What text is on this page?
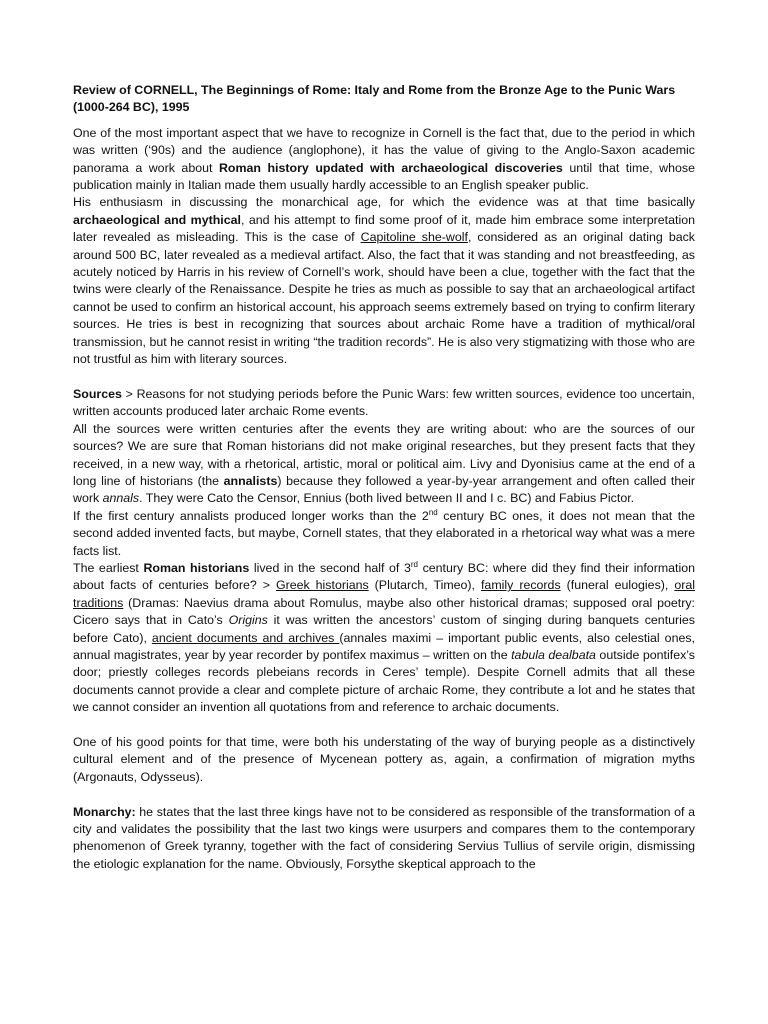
Review of CORNELL, The Beginnings of Rome: Italy and Rome from the Bronze Age to the Punic Wars (1000-264 BC), 1995

One of the most important aspect that we have to recognize in Cornell is the fact that, due to the period in which was written (‘90s) and the audience (anglophone), it has the value of giving to the Anglo-Saxon academic panorama a work about Roman history updated with archaeological discoveries until that time, whose publication mainly in Italian made them usually hardly accessible to an English speaker public.

His enthusiasm in discussing the monarchical age, for which the evidence was at that time basically archaeological and mythical, and his attempt to find some proof of it, made him embrace some interpretation later revealed as misleading. This is the case of Capitoline she-wolf, considered as an original dating back around 500 BC, later revealed as a medieval artifact. Also, the fact that it was standing and not breastfeeding, as acutely noticed by Harris in his review of Cornell’s work, should have been a clue, together with the fact that the twins were clearly of the Renaissance. Despite he tries as much as possible to say that an archaeological artifact cannot be used to confirm an historical account, his approach seems extremely based on trying to confirm literary sources. He tries is best in recognizing that sources about archaic Rome have a tradition of mythical/oral transmission, but he cannot resist in writing “the tradition records”. He is also very stigmatizing with those who are not trustful as him with literary sources.

Sources > Reasons for not studying periods before the Punic Wars: few written sources, evidence too uncertain, written accounts produced later archaic Rome events.

All the sources were written centuries after the events they are writing about: who are the sources of our sources? We are sure that Roman historians did not make original researches, but they present facts that they received, in a new way, with a rhetorical, artistic, moral or political aim. Livy and Dyonisius came at the end of a long line of historians (the annalists) because they followed a year-by-year arrangement and often called their work annals. They were Cato the Censor, Ennius (both lived between II and I c. BC) and Fabius Pictor.

If the first century annalists produced longer works than the 2nd century BC ones, it does not mean that the second added invented facts, but maybe, Cornell states, that they elaborated in a rhetorical way what was a mere facts list.

The earliest Roman historians lived in the second half of 3rd century BC: where did they find their information about facts of centuries before? > Greek historians (Plutarch, Timeo), family records (funeral eulogies), oral traditions (Dramas: Naevius drama about Romulus, maybe also other historical dramas; supposed oral poetry: Cicero says that in Cato’s Origins it was written the ancestors’ custom of singing during banquets centuries before Cato), ancient documents and archives (annales maximi – important public events, also celestial ones, annual magistrates, year by year recorder by pontifex maximus – written on the tabula dealbata outside pontifex’s door; priestly colleges records plebeians records in Ceres’ temple). Despite Cornell admits that all these documents cannot provide a clear and complete picture of archaic Rome, they contribute a lot and he states that we cannot consider an invention all quotations from and reference to archaic documents.

One of his good points for that time, were both his understating of the way of burying people as a distinctively cultural element and of the presence of Mycenean pottery as, again, a confirmation of migration myths (Argonauts, Odysseus).

Monarchy: he states that the last three kings have not to be considered as responsible of the transformation of a city and validates the possibility that the last two kings were usurpers and compares them to the contemporary phenomenon of Greek tyranny, together with the fact of considering Servius Tullius of servile origin, dismissing the etiologic explanation for the name. Obviously, Forsythe skeptical approach to the
